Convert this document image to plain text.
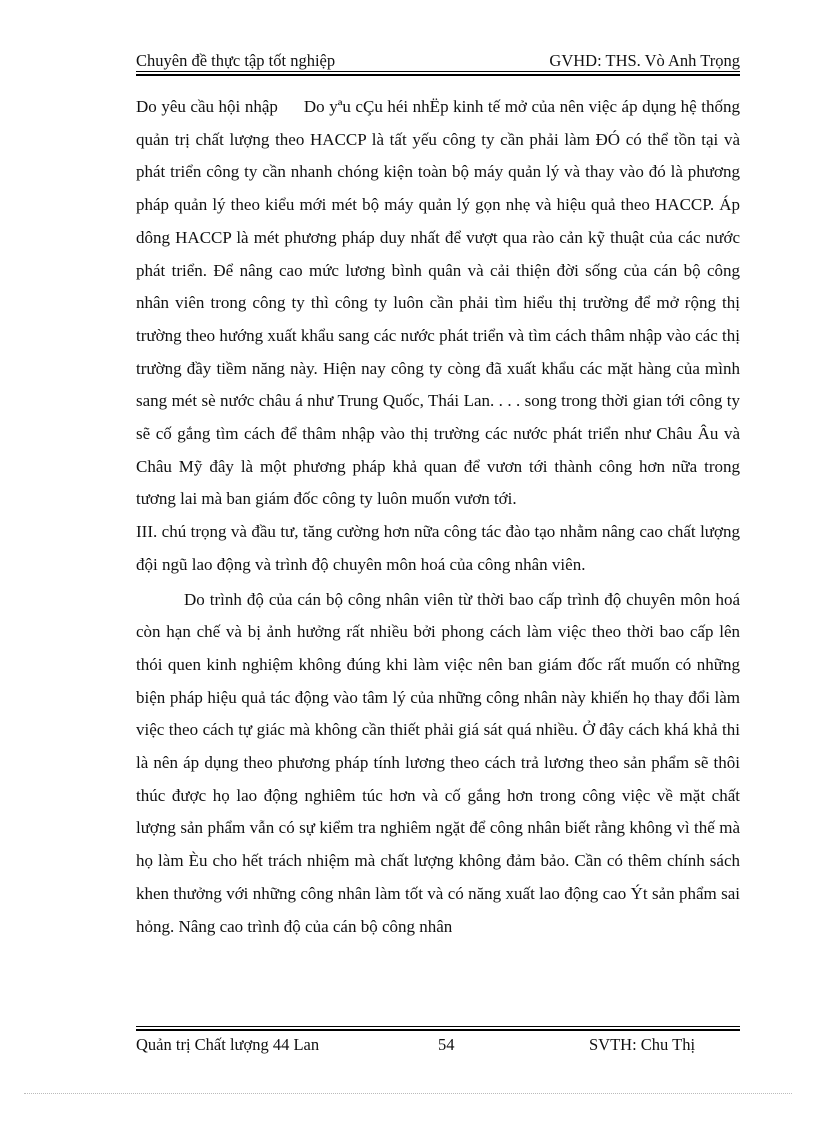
Chuyên đề thực tập tốt nghiệp	GVHD: THS. Vò Anh Trọng

Do yêu cầu hội nhập Do yªu cÇu héi nhËp kinh tế mở của nên việc áp dụng hệ thống quản trị chất lượng theo HACCP là tất yếu công ty cần phải làm ĐÓ có thể tồn tại và phát triển công ty cần nhanh chóng kiện toàn bộ máy quản lý và thay vào đó là phương pháp quản lý theo kiểu mới mét bộ máy quản lý gọn nhẹ và hiệu quả theo HACCP. Áp dông HACCP là mét phương pháp duy nhất để vượt qua rào cản kỹ thuật của các nước phát triển. Để nâng cao mức lương bình quân và cải thiện đời sống của cán bộ công nhân viên trong công ty thì công ty luôn cần phải tìm hiểu thị trường để mở rộng thị trường theo hướng xuất khẩu sang các nước phát triển và tìm cách thâm nhập vào các thị trường đầy tiềm năng này. Hiện nay công ty còng đã xuất khẩu các mặt hàng của mình sang mét sè nước châu á như Trung Quốc, Thái Lan. . . . song trong thời gian tới công ty sẽ cố gắng tìm cách để thâm nhập vào thị trường các nước phát triển như Châu Âu và Châu Mỹ đây là một phương pháp khả quan để vươn tới thành công hơn nữa trong tương lai mà ban giám đốc công ty luôn muốn vươn tới.

III. chú trọng và đầu tư, tăng cường hơn nữa công tác đào tạo nhằm nâng cao chất lượng đội ngũ lao động và trình độ chuyên môn hoá của công nhân viên.

Do trình độ của cán bộ công nhân viên từ thời bao cấp trình độ chuyên môn hoá còn hạn chế và bị ảnh hưởng rất nhiều bởi phong cách làm việc theo thời bao cấp lên thói quen kinh nghiệm không đúng khi làm việc nên ban giám đốc rất muốn có những biện pháp hiệu quả tác động vào tâm lý của những công nhân này khiến họ thay đổi làm việc theo cách tự giác mà không cần thiết phải giá sát quá nhiều. Ở đây cách khá khả thi là nên áp dụng theo phương pháp tính lương theo cách trả lương theo sản phẩm sẽ thôi thúc được họ lao động nghiêm túc hơn và cố gắng hơn trong công việc về mặt chất lượng sản phẩm vẫn có sự kiểm tra nghiêm ngặt để công nhân biết rằng không vì thế mà họ làm Èu cho hết trách nhiệm mà chất lượng không đảm bảo. Cần có thêm chính sách khen thưởng với những công nhân làm tốt và có năng xuất lao động cao Ýt sản phẩm sai hỏng. Nâng cao trình độ của cán bộ công nhân

Quản trị Chất lượng 44 Lan	54	SVTH: Chu Thị
